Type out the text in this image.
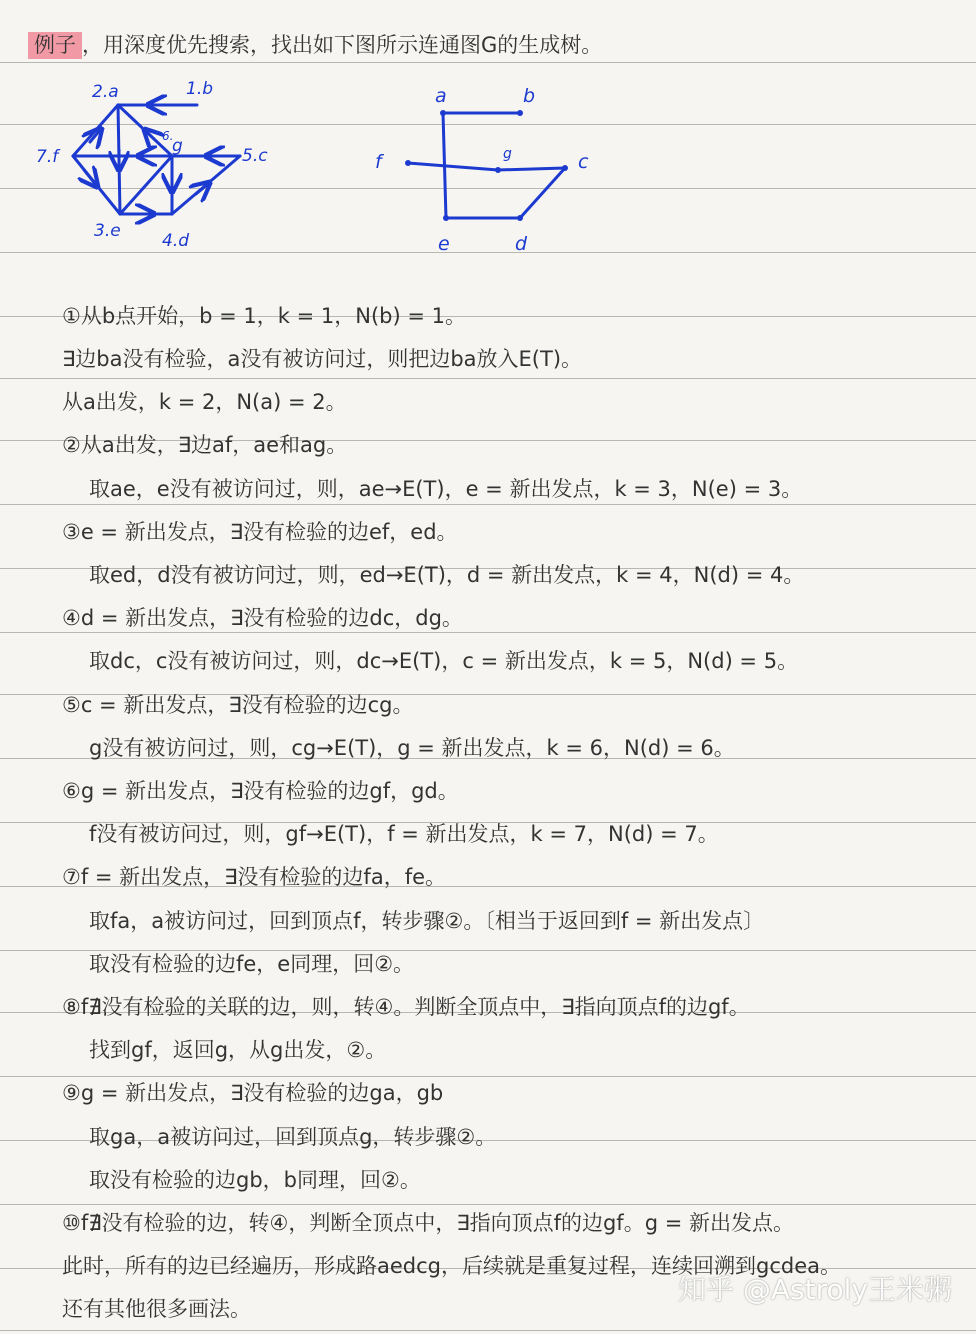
例子 ，用深度优先搜索，找出如下图所示连通图G的生成树。
2.a	1.b
7.f
6.
g	5.c
3.e 4.d
a	b
f	g	c
e	d
①从b点开始，b = 1，k = 1，N(b) = 1。
∃边ba没有检验，a没有被访问过，则把边ba放入E(T)。
从a出发，k = 2，N(a) = 2。
②从a出发，∃边af，ae和ag。
取ae，e没有被访问过，则，ae→E(T)，e = 新出发点，k = 3，N(e) = 3。
③e = 新出发点，∃没有检验的边ef，ed。
取ed，d没有被访问过，则，ed→E(T)，d = 新出发点，k = 4，N(d) = 4。
④d = 新出发点，∃没有检验的边dc，dg。
取dc，c没有被访问过，则，dc→E(T)，c = 新出发点，k = 5，N(d) = 5。
⑤c = 新出发点，∃没有检验的边cg。
g没有被访问过，则，cg→E(T)，g = 新出发点，k = 6，N(d) = 6。
⑥g = 新出发点，∃没有检验的边gf，gd。
f没有被访问过，则，gf→E(T)，f = 新出发点，k = 7，N(d) = 7。
⑦f = 新出发点，∃没有检验的边fa，fe。
取fa，a被访问过，回到顶点f，转步骤②。〔相当于返回到f = 新出发点〕
取没有检验的边fe，e同理，回②。
⑧f∄没有检验的关联的边，则，转④。判断全顶点中，∃指向顶点f的边gf。
找到gf，返回g，从g出发，②。
⑨g = 新出发点，∃没有检验的边ga，gb
取ga，a被访问过，回到顶点g，转步骤②。
取没有检验的边gb，b同理，回②。
⑩f∄没有检验的边，转④，判断全顶点中，∃指向顶点f的边gf。g = 新出发点。
此时，所有的边已经遍历，形成路aedcg，后续就是重复过程，连续回溯到gcdea。
还有其他很多画法。
知乎 @Astroly王米粥
